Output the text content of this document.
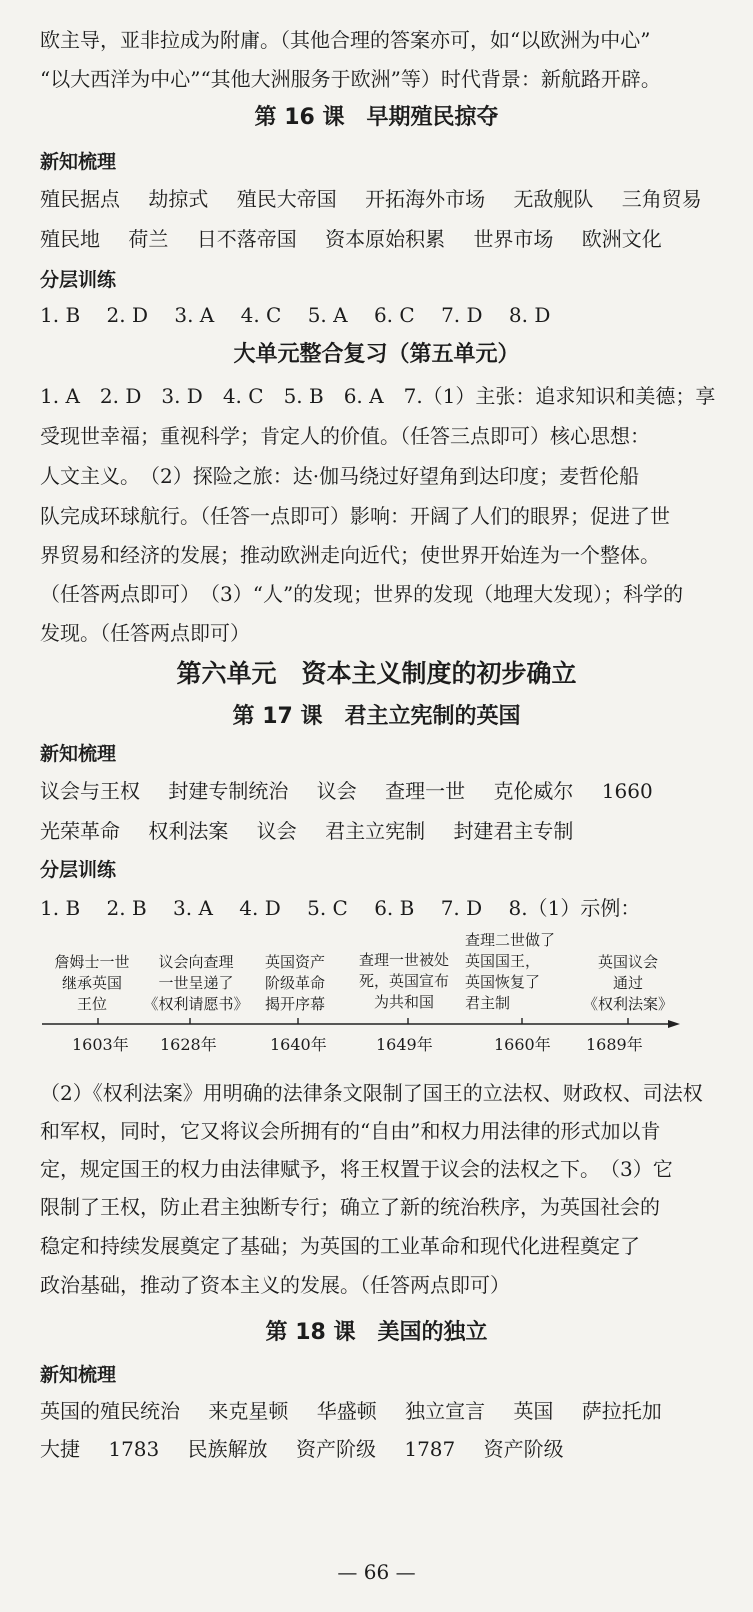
欧主导，亚非拉成为附庸。（其他合理的答案亦可，如“以欧洲为中心”
“以大西洋为中心”“其他大洲服务于欧洲”等）时代背景：新航路开辟。
第 16 课　早期殖民掠夺
新知梳理
殖民据点 劫掠式 殖民大帝国 开拓海外市场 无敌舰队 三角贸易
殖民地 荷兰 日不落帝国 资本原始积累 世界市场 欧洲文化
分层训练
1. B 2. D 3. A 4. C 5. A 6. C 7. D 8. D
大单元整合复习（第五单元）
1. A　2. D　3. D　4. C　5. B　6. A　7.（1）主张：追求知识和美德；享
受现世幸福；重视科学；肯定人的价值。（任答三点即可）核心思想：
人文主义。　（2）探险之旅：达·伽马绕过好望角到达印度；麦哲伦船
队完成环球航行。（任答一点即可）影响：开阔了人们的眼界；促进了世
界贸易和经济的发展；推动欧洲走向近代；使世界开始连为一个整体。
（任答两点即可）　（3）“人”的发现；世界的发现（地理大发现）；科学的
发现。（任答两点即可）
第六单元　资本主义制度的初步确立
第 17 课　君主立宪制的英国
新知梳理
议会与王权 封建专制统治 议会 查理一世 克伦威尔 1660
光荣革命 权利法案 议会 君主立宪制 封建君主专制
分层训练
1. B 2. B 3. A 4. D 5. C 6. B 7. D 8.（1）示例：
詹姆士一世
继承英国
王位
议会向查理
一世呈递了
《权利请愿书》
英国资产
阶级革命
揭开序幕
查理一世被处
死，英国宣布
为共和国
查理二世做了
英国国王，
英国恢复了
君主制
英国议会
通过
《权利法案》
1603年 1628年	1640年	1649年	1660年 1689年
（2）《权利法案》用明确的法律条文限制了国王的立法权、财政权、司法权
和军权，同时，它又将议会所拥有的“自由”和权力用法律的形式加以肯
定，规定国王的权力由法律赋予，将王权置于议会的法权之下。　（3）它
限制了王权，防止君主独断专行；确立了新的统治秩序，为英国社会的
稳定和持续发展奠定了基础；为英国的工业革命和现代化进程奠定了
政治基础，推动了资本主义的发展。（任答两点即可）
第 18 课　美国的独立
新知梳理
英国的殖民统治 来克星顿 华盛顿 独立宣言 英国 萨拉托加
大捷 1783 民族解放 资产阶级 1787 资产阶级
— 66 —
